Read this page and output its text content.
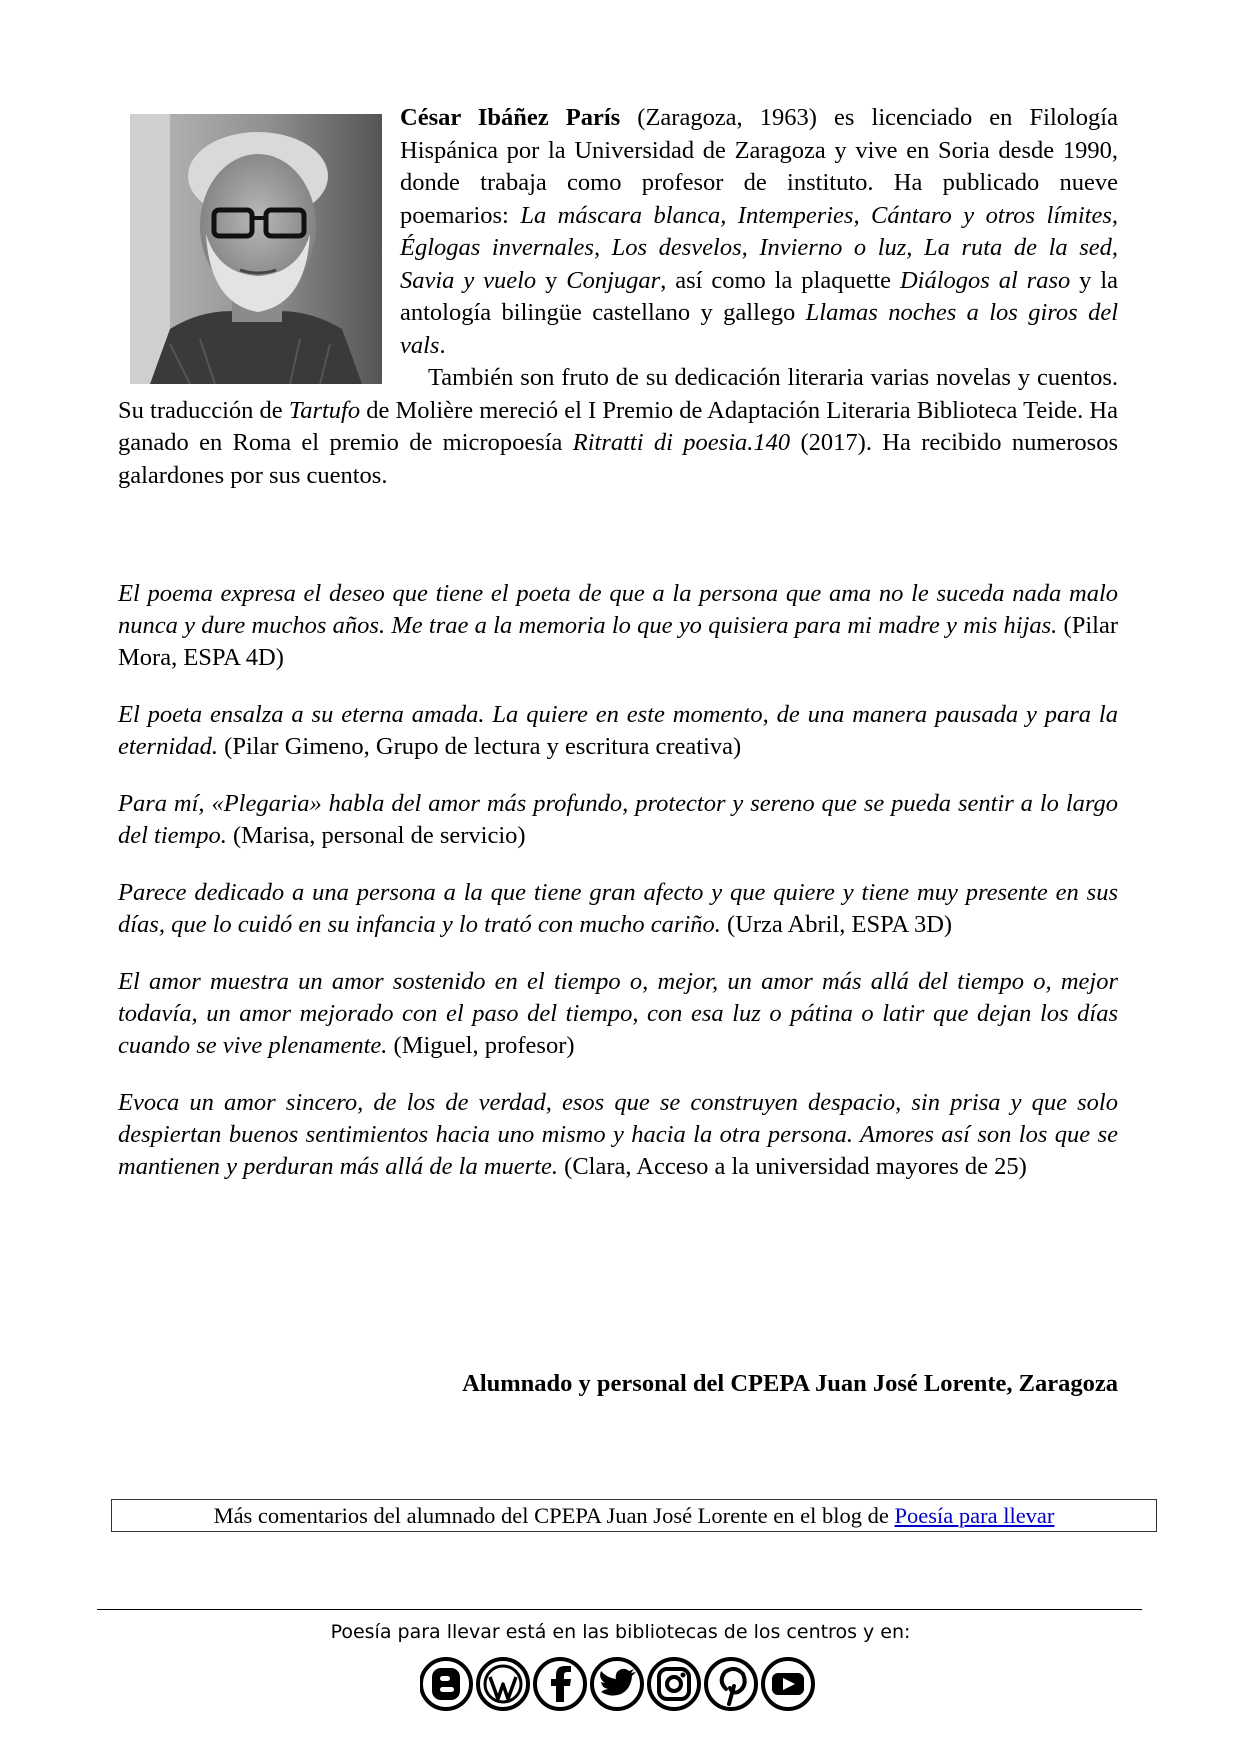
César Ibáñez París (Zaragoza, 1963) es licenciado en Filología Hispánica por la Universidad de Zaragoza y vive en Soria desde 1990, donde trabaja como profesor de instituto. Ha publicado nueve poemarios: La máscara blanca, Intemperies, Cántaro y otros límites, Églogas invernales, Los desvelos, Invierno o luz, La ruta de la sed, Savia y vuelo y Conjugar, así como la plaquette Diálogos al raso y la antología bilingüe castellano y gallego Llamas noches a los giros del vals.

También son fruto de su dedicación literaria varias novelas y cuentos. Su traducción de Tartufo de Molière mereció el I Premio de Adaptación Literaria Biblioteca Teide. Ha ganado en Roma el premio de micropoesía Ritratti di poesia.140 (2017). Ha recibido numerosos galardones por sus cuentos.

El poema expresa el deseo que tiene el poeta de que a la persona que ama no le suceda nada malo nunca y dure muchos años. Me trae a la memoria lo que yo quisiera para mi madre y mis hijas. (Pilar Mora, ESPA 4D)

El poeta ensalza a su eterna amada. La quiere en este momento, de una manera pausada y para la eternidad. (Pilar Gimeno, Grupo de lectura y escritura creativa)

Para mí, «Plegaria» habla del amor más profundo, protector y sereno que se pueda sentir a lo largo del tiempo. (Marisa, personal de servicio)

Parece dedicado a una persona a la que tiene gran afecto y que quiere y tiene muy presente en sus días, que lo cuidó en su infancia y lo trató con mucho cariño. (Urza Abril, ESPA 3D)

El amor muestra un amor sostenido en el tiempo o, mejor, un amor más allá del tiempo o, mejor todavía, un amor mejorado con el paso del tiempo, con esa luz o pátina o latir que dejan los días cuando se vive plenamente. (Miguel, profesor)

Evoca un amor sincero, de los de verdad, esos que se construyen despacio, sin prisa y que solo despiertan buenos sentimientos hacia uno mismo y hacia la otra persona. Amores así son los que se mantienen y perduran más allá de la muerte. (Clara, Acceso a la universidad mayores de 25)

Alumnado y personal del CPEPA Juan José Lorente, Zaragoza
Más comentarios del alumnado del CPEPA Juan José Lorente en el blog de Poesía para llevar
Poesía para llevar está en las bibliotecas de los centros y en:
